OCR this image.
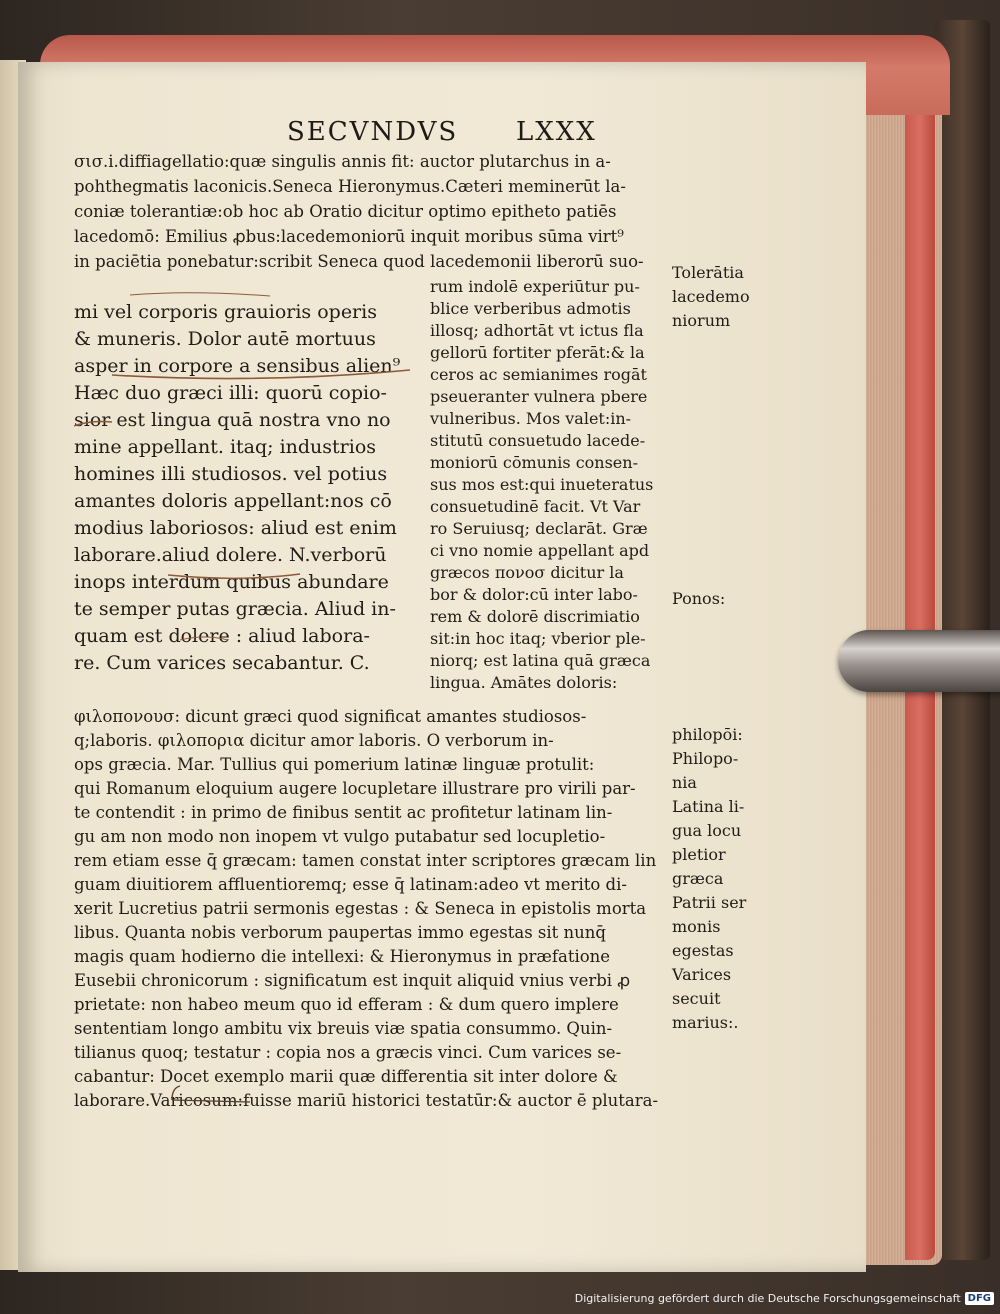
SECVNDVS LXXX
σισ.i.diffiagellatio:quæ singulis annis fit: auctor plutarchus in a-
pohthegmatis laconicis.Seneca Hieronymus.Cæteri meminerūt la-
coniæ tolerantiæ:ob hoc ab Oratio dicitur optimo epitheto patiēs
lacedomō: Emilius ꝓbus:lacedemoniorū inquit moribus sūma virt⁹
in paciētia ponebatur:scribit Seneca quod lacedemonii liberorū suo-
mi vel corporis grauioris operis
& muneris. Dolor autē mortuus
asper in corpore a sensibus alien⁹
Hæc duo græci illi: quorū copio-
sior est lingua quā nostra vno no
mine appellant. itaq; industrios
homines illi studiosos. vel potius
amantes doloris appellant:nos cō
modius laboriosos: aliud est enim
laborare.aliud dolere. N.verborū
inops interdum quibus abundare
te semper putas græcia. Aliud in-
quam est dolere : aliud labora-
re. Cum varices secabantur. C.
rum indolē experiūtur pu-
blice verberibus admotis
illosq; adhortāt vt ictus fla
gellorū fortiter pferāt:& la
ceros ac semianimes rogāt
pseueranter vulnera pbere
vulneribus. Mos valet:in-
stitutū consuetudo lacede-
moniorū cōmunis consen-
sus mos est:qui inueteratus
consuetudinē facit. Vt Var
ro Seruiusq; declarāt. Græ
ci vno nomie appellant apd
græcos πονοσ dicitur la
bor & dolor:cū inter labo-
rem & dolorē discrimiatio
sit:in hoc itaq; vberior ple-
niorq; est latina quā græca
lingua. Amātes doloris:
φιλοπονουσ: dicunt græci quod significat amantes studiosos-
q;laboris. φιλοπορια dicitur amor laboris. O verborum in-
ops græcia. Mar. Tullius qui pomerium latinæ linguæ protulit:
qui Romanum eloquium augere locupletare illustrare pro virili par-
te contendit : in primo de finibus sentit ac profitetur latinam lin-
gu am non modo non inopem vt vulgo putabatur sed locupletio-
rem etiam esse q̄ græcam: tamen constat inter scriptores græcam lin
guam diuitiorem affluentioremq; esse q̄ latinam:adeo vt merito di-
xerit Lucretius patrii sermonis egestas : & Seneca in epistolis morta
libus. Quanta nobis verborum paupertas immo egestas sit nunq̄
magis quam hodierno die intellexi: & Hieronymus in præfatione
Eusebii chronicorum : significatum est inquit aliquid vnius verbi ꝓ
prietate: non habeo meum quo id efferam : & dum quero implere
sententiam longo ambitu vix breuis viæ spatia consummo. Quin-
tilianus quoq; testatur : copia nos a græcis vinci. Cum varices se-
cabantur: Docet exemplo marii quæ differentia sit inter dolore &
laborare.Varicosum:fuisse mariū historici testatūr:& auctor ē plutara-
Tolerātia
lacedemo
niorum
Ponos:
philopōi:
Philopo-
nia
Latina li-
gua locu
pletior
græca
Patrii ser
monis
egestas
Varices
secuit
marius:.
Digitalisierung gefördert durch die Deutsche Forschungsgemeinschaft DFG
